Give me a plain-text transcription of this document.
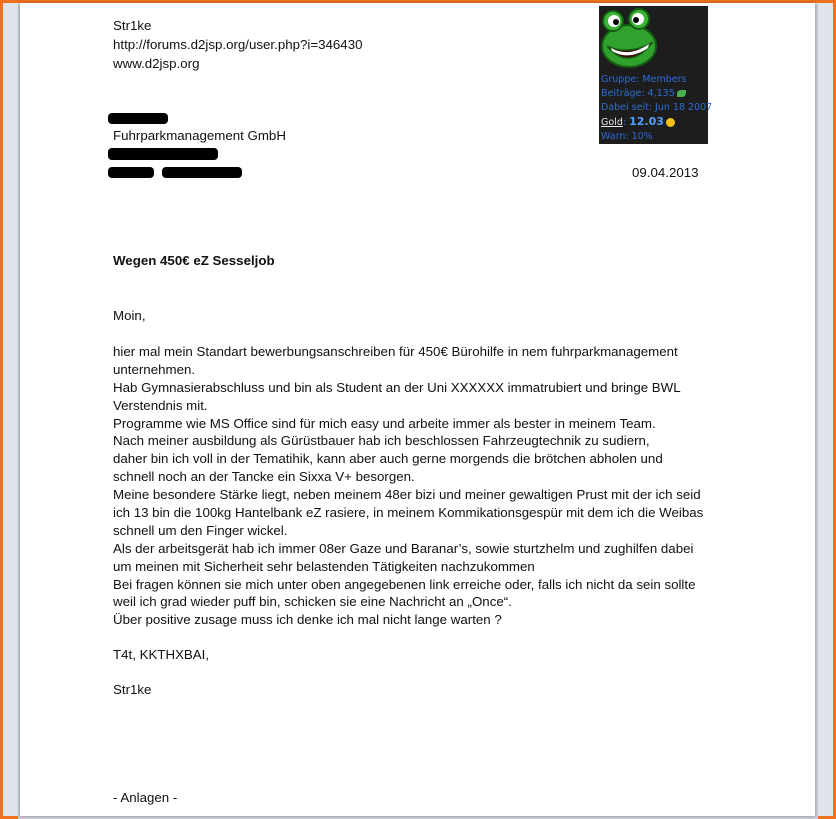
Str1ke
http://forums.d2jsp.org/user.php?i=346430
www.d2jsp.org
Fuhrparkmanagement GmbH
Gruppe: Members
Beiträge: 4,135
Dabei seit: Jun 18 2007
Gold: 12.03
Warn: 10%
09.04.2013
Wegen 450€ eZ Sesseljob
Moin,
hier mal mein Standart bewerbungsanschreiben für 450€ Bürohilfe in nem fuhrparkmanagement
unternehmen.
Hab Gymnasierabschluss und bin als Student an der Uni XXXXXX immatrubiert und bringe BWL
Verstendnis mit.
Programme wie MS Office sind für mich easy und arbeite immer als bester in meinem Team.
Nach meiner ausbildung als Gürüstbauer hab ich beschlossen Fahrzeugtechnik zu sudiern,
daher bin ich voll in der Tematihik, kann aber auch gerne morgends die brötchen abholen und
schnell noch an der Tancke ein Sixxa V+ besorgen.
Meine besondere Stärke liegt, neben meinem 48er bizi und meiner gewaltigen Prust mit der ich seid
ich 13 bin die 100kg Hantelbank eZ rasiere, in meinem Kommikationsgespür mit dem ich die Weibas
schnell um den Finger wickel.
Als der arbeitsgerät hab ich immer 08er Gaze und Baranar’s, sowie sturtzhelm und zughilfen dabei
um meinen mit Sicherheit sehr belastenden Tätigkeiten nachzukommen
Bei fragen können sie mich unter oben angegebenen link erreiche oder, falls ich nicht da sein sollte
weil ich grad wieder puff bin, schicken sie eine Nachricht an „Once“.
Über positive zusage muss ich denke ich mal nicht lange warten ?
T4t, KKTHXBAI,
Str1ke
- Anlagen -
